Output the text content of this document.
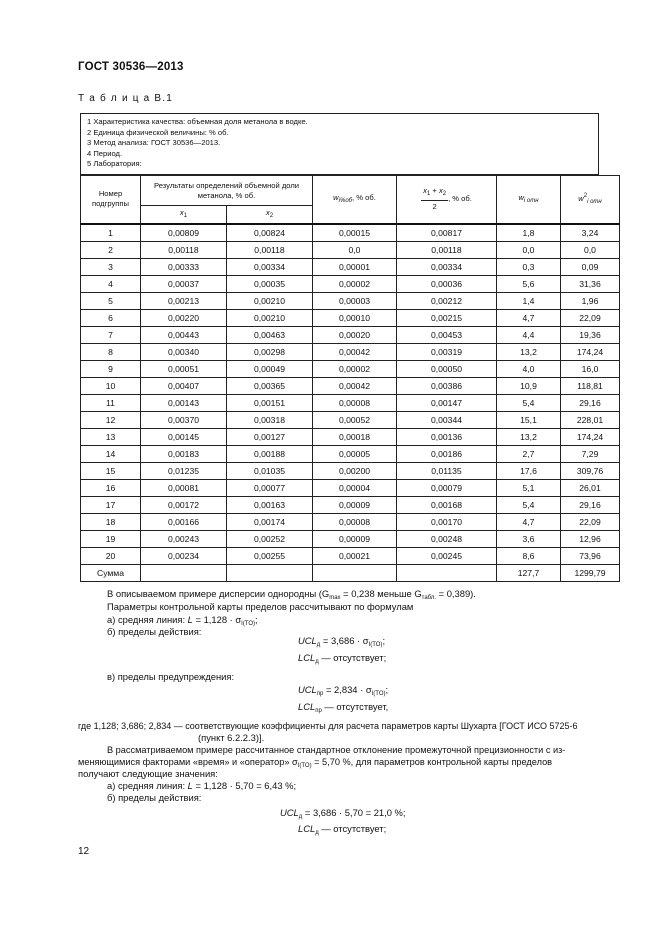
ГОСТ 30536—2013
Т а б л и ц а В.1
1 Характеристика качества: объемная доля метанола в водке.
2 Единица физической величины: % об.
3 Метод анализа: ГОСТ 30536—2013.
4 Период.
5 Лаборатория:
Номер подгруппы	Результаты определений объемной доли метанола, % об.		$w_{i\%об}$, % об.	$\frac{x_1 + x_2}{2}$ , % об.	$w_{i отн}$	$w^2_{i отн}$
	$x_1$	$x_2$
1	0,00809	0,00824	0,00015	0,00817	1,8	3,24
2	0,00118	0,00118	0,0	0,00118	0,0	0,0
3	0,00333	0,00334	0,00001	0,00334	0,3	0,09
4	0,00037	0,00035	0,00002	0,00036	5,6	31,36
5	0,00213	0,00210	0,00003	0,00212	1,4	1,96
6	0,00220	0,00210	0,00010	0,00215	4,7	22,09
7	0,00443	0,00463	0,00020	0,00453	4,4	19,36
8	0,00340	0,00298	0,00042	0,00319	13,2	174,24
9	0,00051	0,00049	0,00002	0,00050	4,0	16,0
10	0,00407	0,00365	0,00042	0,00386	10,9	118,81
11	0,00143	0,00151	0,00008	0,00147	5,4	29,16
12	0,00370	0,00318	0,00052	0,00344	15,1	228,01
13	0,00145	0,00127	0,00018	0,00136	13,2	174,24
14	0,00183	0,00188	0,00005	0,00186	2,7	7,29
15	0,01235	0,01035	0,00200	0,01135	17,6	309,76
16	0,00081	0,00077	0,00004	0,00079	5,1	26,01
17	0,00172	0,00163	0,00009	0,00168	5,4	29,16
18	0,00166	0,00174	0,00008	0,00170	4,7	22,09
19	0,00243	0,00252	0,00009	0,00248	3,6	12,96
20	0,00234	0,00255	0,00021	0,00245	8,6	73,96
Сумма					127,7	1299,79
В описываемом примере дисперсии однородны ($G_{max} = 0,238$ меньше $G_{табл.} = 0,389$).
Параметры контрольной карты пределов рассчитывают по формулам
а) средняя линия: $L = 1,128 \cdot \sigma_{I(TO)}$;
б) пределы действия:
$UCL_д = 3,686 \cdot \sigma_{I(TO)}$;
$LCL_д$ — отсутствует;
в) пределы предупреждения:
$UCL_{пр} = 2,834 \cdot \sigma_{I(TO)}$;
$LCL_{пр}$ — отсутствует,
где 1,128; 3,686; 2,834 — соответствующие коэффициенты для расчета параметров карты Шухарта [ГОСТ ИСО 5725-6
(пункт 6.2.2.3)].
В рассматриваемом примере рассчитанное стандартное отклонение промежуточной прецизионности с из-
меняющимися факторами «время» и «оператор» $\sigma_{I(TO)} = 5,70$ %, для параметров контрольной карты пределов
получают следующие значения:
а) средняя линия: L = 1,128 · 5,70 = 6,43 %;
б) пределы действия:
$UCL_д = 3,686 \cdot 5,70 = 21,0$ %;
$LCL_д$ — отсутствует;
12
